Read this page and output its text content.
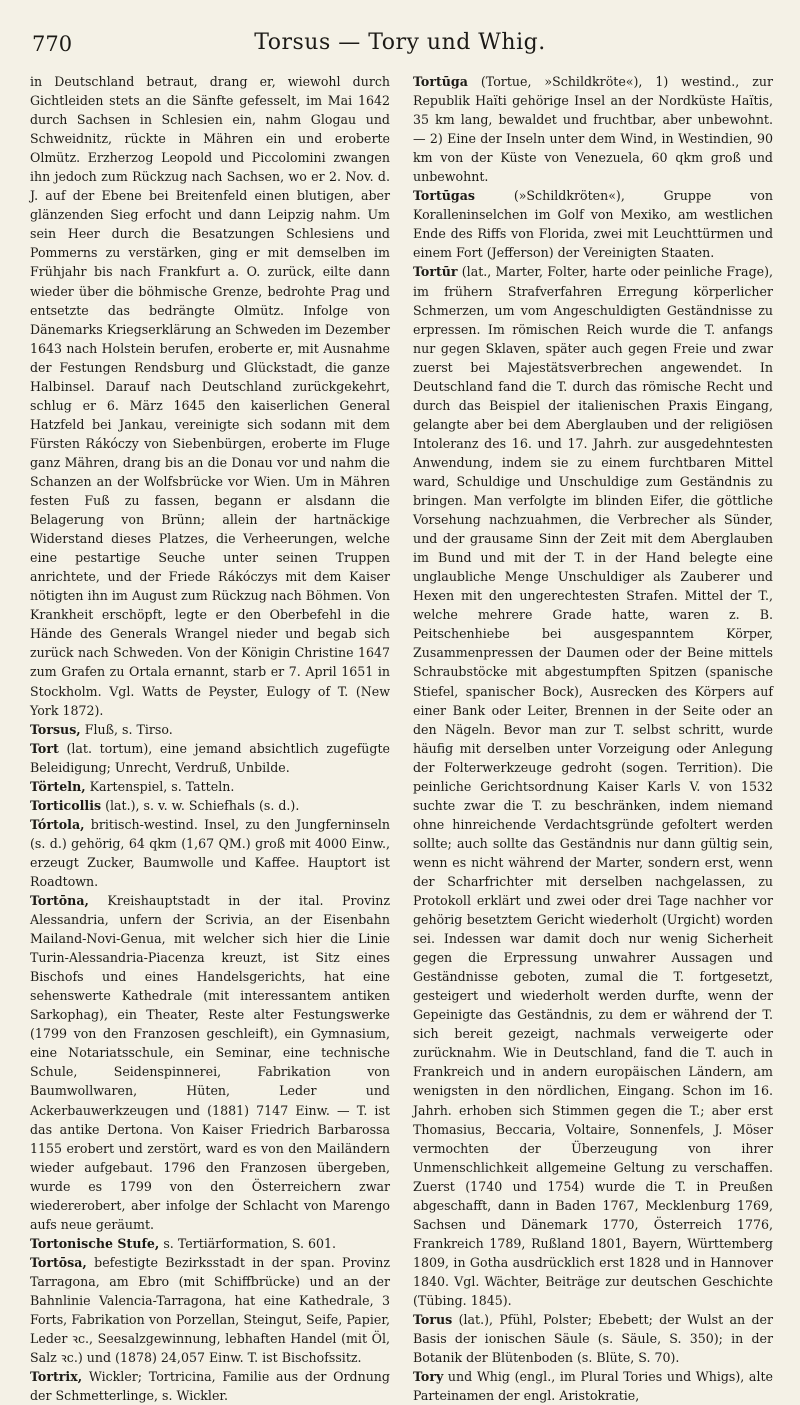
770	Torsus — Tory und Whig.

in Deutschland betraut, drang er, wiewohl durch Gichtleiden stets an die Sänfte gefesselt, im Mai 1642 durch Sachsen in Schlesien ein, nahm Glogau und Schweidnitz, rückte in Mähren ein und eroberte Olmütz. Erzherzog Leopold und Piccolomini zwangen ihn jedoch zum Rückzug nach Sachsen, wo er 2. Nov. d. J. auf der Ebene bei Breitenfeld einen blutigen, aber glänzenden Sieg erfocht und dann Leipzig nahm. Um sein Heer durch die Besatzungen Schlesiens und Pommerns zu verstärken, ging er mit demselben im Frühjahr bis nach Frankfurt a. O. zurück, eilte dann wieder über die böhmische Grenze, bedrohte Prag und entsetzte das bedrängte Olmütz. Infolge von Dänemarks Kriegserklärung an Schweden im Dezember 1643 nach Holstein berufen, eroberte er, mit Ausnahme der Festungen Rendsburg und Glückstadt, die ganze Halbinsel. Darauf nach Deutschland zurückgekehrt, schlug er 6. März 1645 den kaiserlichen General Hatzfeld bei Jankau, vereinigte sich sodann mit dem Fürsten Rákóczy von Siebenbürgen, eroberte im Fluge ganz Mähren, drang bis an die Donau vor und nahm die Schanzen an der Wolfsbrücke vor Wien. Um in Mähren festen Fuß zu fassen, begann er alsdann die Belagerung von Brünn; allein der hartnäckige Widerstand dieses Platzes, die Verheerungen, welche eine pestartige Seuche unter seinen Truppen anrichtete, und der Friede Rákóczys mit dem Kaiser nötigten ihn im August zum Rückzug nach Böhmen. Von Krankheit erschöpft, legte er den Oberbefehl in die Hände des Generals Wrangel nieder und begab sich zurück nach Schweden. Von der Königin Christine 1647 zum Grafen zu Ortala ernannt, starb er 7. April 1651 in Stockholm. Vgl. Watts de Peyster, Eulogy of T. (New York 1872).

Torsus, Fluß, s. Tirso.

Tort (lat. tortum), eine jemand absichtlich zugefügte Beleidigung; Unrecht, Verdruß, Unbilde.

Törteln, Kartenspiel, s. Tatteln.

Torticollis (lat.), s. v. w. Schiefhals (s. d.).

Tórtola, britisch-westind. Insel, zu den Jungferninseln (s. d.) gehörig, 64 qkm (1,67 QM.) groß mit 4000 Einw., erzeugt Zucker, Baumwolle und Kaffee. Hauptort ist Roadtown.

Tortōna, Kreishauptstadt in der ital. Provinz Alessandria, unfern der Scrivia, an der Eisenbahn Mailand-Novi-Genua, mit welcher sich hier die Linie Turin-Alessandria-Piacenza kreuzt, ist Sitz eines Bischofs und eines Handelsgerichts, hat eine sehenswerte Kathedrale (mit interessantem antiken Sarkophag), ein Theater, Reste alter Festungswerke (1799 von den Franzosen geschleift), ein Gymnasium, eine Notariatsschule, ein Seminar, eine technische Schule, Seidenspinnerei, Fabrikation von Baumwollwaren, Hüten, Leder und Ackerbauwerkzeugen und (1881) 7147 Einw. — T. ist das antike Dertona. Von Kaiser Friedrich Barbarossa 1155 erobert und zerstört, ward es von den Mailändern wieder aufgebaut. 1796 den Franzosen übergeben, wurde es 1799 von den Österreichern zwar wiedererobert, aber infolge der Schlacht von Marengo aufs neue geräumt.

Tortonische Stufe, s. Tertiärformation, S. 601.

Tortōsa, befestigte Bezirksstadt in der span. Provinz Tarragona, am Ebro (mit Schiffbrücke) und an der Bahnlinie Valencia-Tarragona, hat eine Kathedrale, 3 Forts, Fabrikation von Porzellan, Steingut, Seife, Papier, Leder ꝛc., Seesalzgewinnung, lebhaften Handel (mit Öl, Salz ꝛc.) und (1878) 24,057 Einw. T. ist Bischofssitz.

Tortrix, Wickler; Tortricina, Familie aus der Ordnung der Schmetterlinge, s. Wickler.

Tortūga (Tortue, »Schildkröte«), 1) westind., zur Republik Haïti gehörige Insel an der Nordküste Haïtis, 35 km lang, bewaldet und fruchtbar, aber unbewohnt. — 2) Eine der Inseln unter dem Wind, in Westindien, 90 km von der Küste von Venezuela, 60 qkm groß und unbewohnt.

Tortūgas	(»Schildkröten«), Gruppe von Koralleninselchen im Golf von Mexiko, am westlichen Ende des Riffs von Florida, zwei mit Leuchttürmen und einem Fort (Jefferson) der Vereinigten Staaten.

Tortūr (lat., Marter, Folter, harte oder peinliche Frage), im frühern Strafverfahren Erregung körperlicher Schmerzen, um vom Angeschuldigten Geständnisse zu erpressen. Im römischen Reich wurde die T. anfangs nur gegen Sklaven, später auch gegen Freie und zwar zuerst bei Majestätsverbrechen angewendet. In Deutschland fand die T. durch das römische Recht und durch das Beispiel der italienischen Praxis Eingang, gelangte aber bei dem Aberglauben und der religiösen Intoleranz des 16. und 17. Jahrh. zur ausgedehntesten Anwendung, indem sie zu einem furchtbaren Mittel ward, Schuldige und Unschuldige zum Geständnis zu bringen. Man verfolgte im blinden Eifer, die göttliche Vorsehung nachzuahmen, die Verbrecher als Sünder, und der grausame Sinn der Zeit mit dem Aberglauben im Bund und mit der T. in der Hand belegte eine unglaubliche Menge Unschuldiger als Zauberer und Hexen mit den ungerechtesten Strafen. Mittel der T., welche mehrere Grade hatte, waren z. B. Peitschenhiebe bei ausgespanntem Körper, Zusammenpressen der Daumen oder der Beine mittels Schraubstöcke mit abgestumpften Spitzen (spanische Stiefel, spanischer Bock), Ausrecken des Körpers auf einer Bank oder Leiter, Brennen in der Seite oder an den Nägeln. Bevor man zur T. selbst schritt, wurde häufig mit derselben unter Vorzeigung oder Anlegung der Folterwerkzeuge gedroht (sogen. Territion). Die peinliche Gerichtsordnung Kaiser Karls V. von 1532 suchte zwar die T. zu beschränken, indem niemand ohne hinreichende Verdachtsgründe gefoltert werden sollte; auch sollte das Geständnis nur dann gültig sein, wenn es nicht während der Marter, sondern erst, wenn der Scharfrichter mit derselben nachgelassen, zu Protokoll erklärt und zwei oder drei Tage nachher vor gehörig besetztem Gericht wiederholt (Urgicht) worden sei. Indessen war damit doch nur wenig Sicherheit gegen die Erpressung unwahrer Aussagen und Geständnisse geboten, zumal die T. fortgesetzt, gesteigert und wiederholt werden durfte, wenn der Gepeinigte das Geständnis, zu dem er während der T. sich bereit gezeigt, nachmals verweigerte oder zurücknahm. Wie in Deutschland, fand die T. auch in Frankreich und in andern europäischen Ländern, am wenigsten in den nördlichen, Eingang. Schon im 16. Jahrh. erhoben sich Stimmen gegen die T.; aber erst Thomasius, Beccaria, Voltaire, Sonnenfels, J. Möser vermochten der Überzeugung von ihrer Unmenschlichkeit allgemeine Geltung zu verschaffen. Zuerst (1740 und 1754) wurde die T. in Preußen abgeschafft, dann in Baden 1767, Mecklenburg 1769, Sachsen und Dänemark 1770, Österreich 1776, Frankreich 1789, Rußland 1801, Bayern, Württemberg 1809, in Gotha ausdrücklich erst 1828 und in Hannover 1840. Vgl. Wächter, Beiträge zur deutschen Geschichte (Tübing. 1845).

Torus (lat.), Pfühl, Polster; Ebebett; der Wulst an der Basis der ionischen Säule (s. Säule, S. 350); in der Botanik der Blütenboden (s. Blüte, S. 70).

Tory und Whig (engl., im Plural Tories und Whigs), alte Parteinamen der engl. Aristokratie,
